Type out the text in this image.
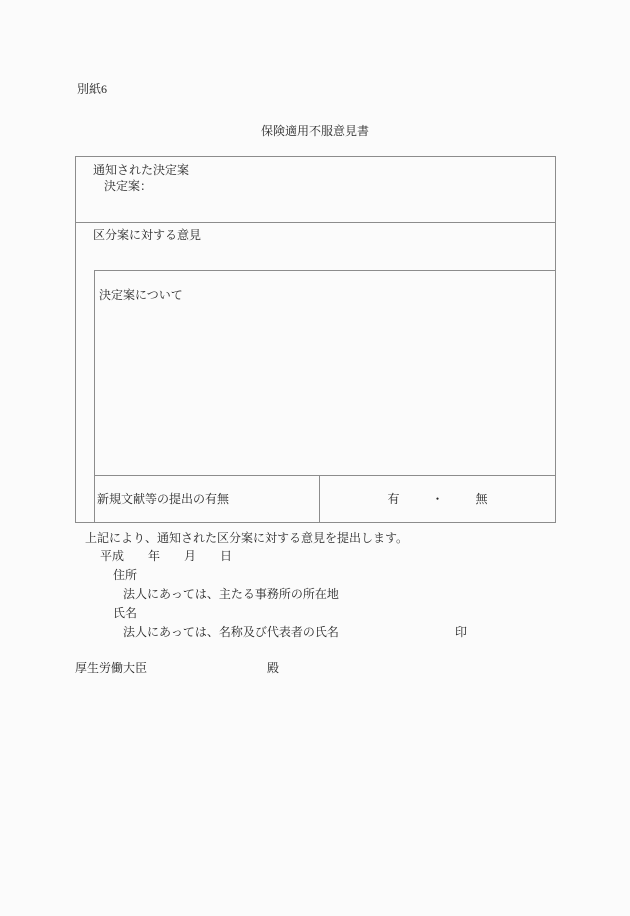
別紙6
保険適用不服意見書
通知された決定案
決定案：
区分案に対する意見
決定案について
新規文献等の提出の有無	有	・	無
上記により、通知された区分案に対する意見を提出します。
平成　　年　　月　　日
住所
法人にあっては、主たる事務所の所在地
氏名
法人にあっては、名称及び代表者の氏名	印
厚生労働大臣	殿
